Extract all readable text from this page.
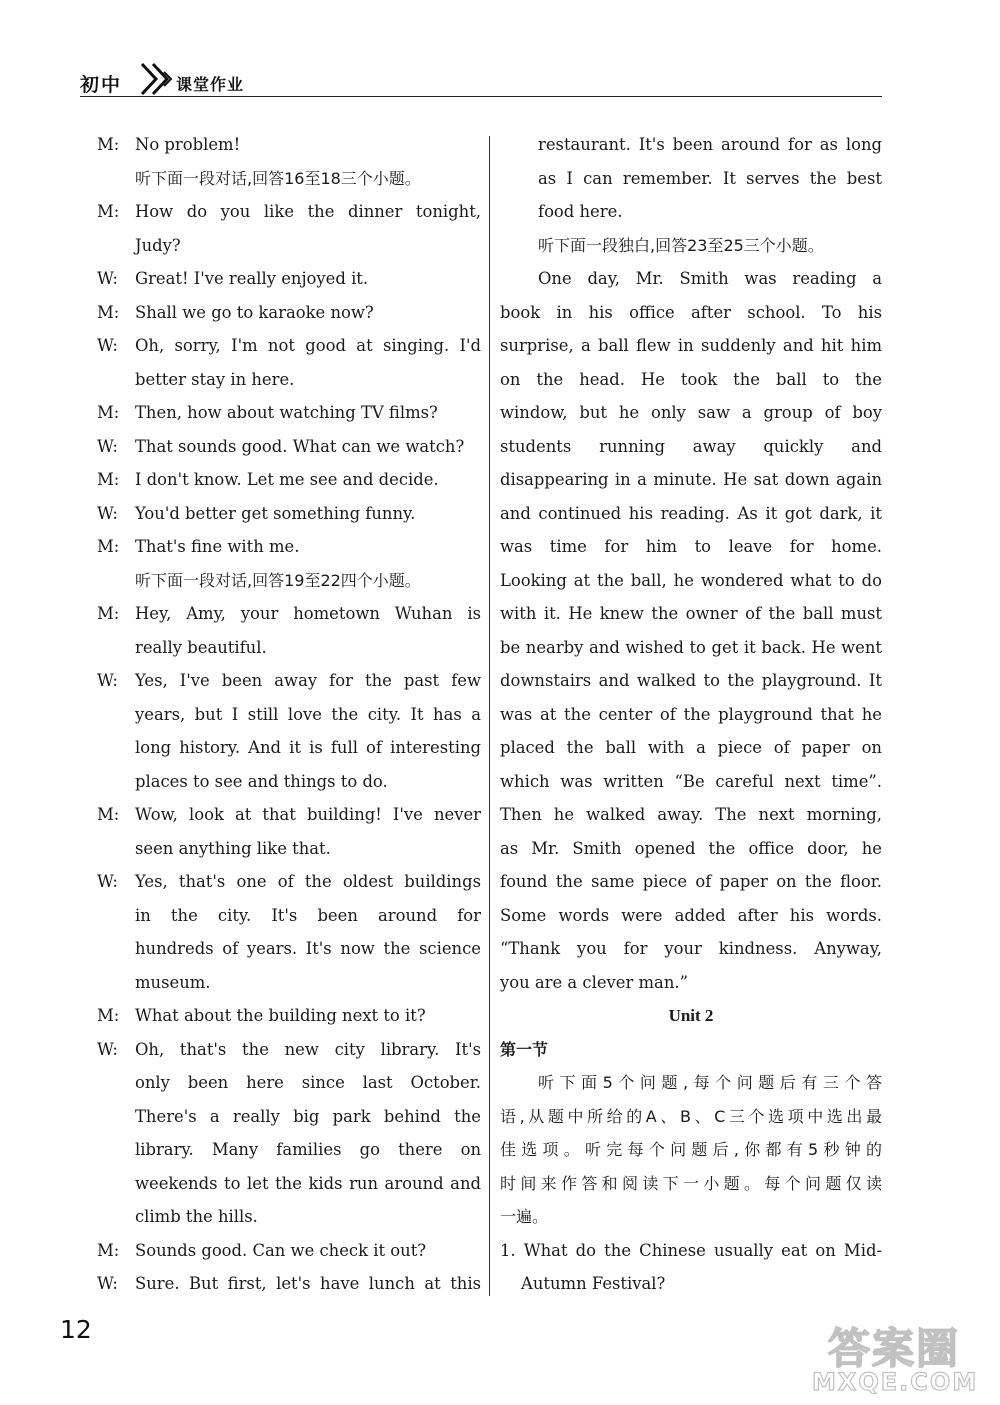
初中	课堂作业
M: No problem!
听下面一段对话,回答16至18三个小题。
M: How do you like the dinner tonight,
Judy?
W: Great! I've really enjoyed it.
M: Shall we go to karaoke now?
W:	Oh, sorry, I'm not good at singing. I'd
better stay in here.
M: Then, how about watching TV films?
W: That sounds good. What can we watch?
M: I don't know. Let me see and decide.
W: You'd better get something funny.
M: That's fine with me.
听下面一段对话,回答19至22四个小题。
M: Hey, Amy, your hometown Wuhan is
really beautiful.
W:	Yes, I've been away for the past few
years, but I still love the city. It has a
long history. And it is full of interesting
places to see and things to do.
M: Wow, look at that building! I've never
seen anything like that.
W:	Yes, that's one of the oldest buildings
in the city. It's been around for
hundreds of years. It's now the science
museum.
M: What about the building next to it?
W:	Oh, that's the new city library. It's
only been here since last October.
There's a really big park behind the
library. Many families go there on
weekends to let the kids run around and
climb the hills.
M: Sounds good. Can we check it out?
W:	Sure. But first, let's have lunch at this
restaurant. It's been around for as long
as I can remember. It serves the best
food here.
听下面一段独白,回答23至25三个小题。
One day, Mr. Smith was reading a
book in his office after school. To his
surprise, a ball flew in suddenly and hit him
on the head. He took the ball to the
window, but he only saw a group of boy
students running away quickly and
disappearing in a minute. He sat down again
and continued his reading. As it got dark, it
was time for him to leave for home.
Looking at the ball, he wondered what to do
with it. He knew the owner of the ball must
be nearby and wished to get it back. He went
downstairs and walked to the playground. It
was at the center of the playground that he
placed the ball with a piece of paper on
which was written “Be careful next time”.
Then he walked away. The next morning,
as Mr. Smith opened the office door, he
found the same piece of paper on the floor.
Some words were added after his words.
“Thank you for your kindness. Anyway,
you are a clever man.”
Unit 2
第一节
听下面5个问题,每个问题后有三个答
语,从题中所给的A、B、C三个选项中选出最
佳选项。听完每个问题后,你都有5秒钟的
时间来作答和阅读下一小题。每个问题仅读
一遍。
1. What do the Chinese usually eat on Mid-
Autumn Festival?
12	答案圈
MXQE.COM
